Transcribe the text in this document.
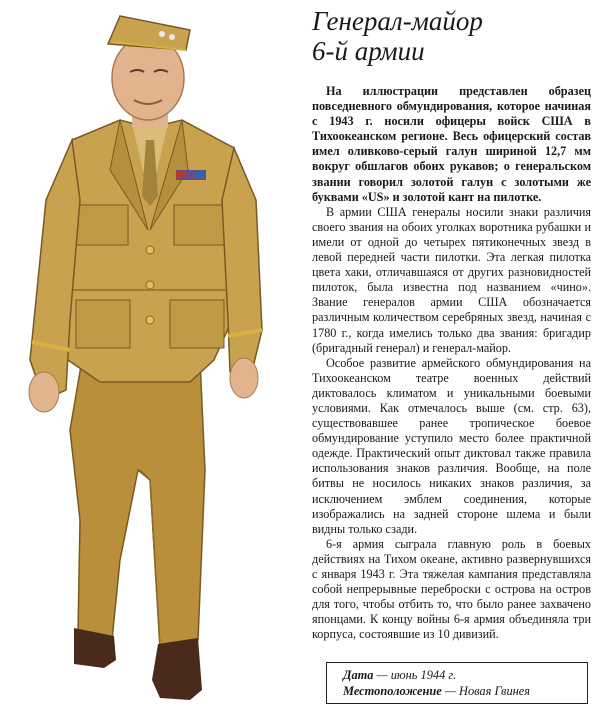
Генерал-майор
6-й армии

На иллюстрации представлен образец повседневного обмундирования, которое начиная с 1943 г. носили офицеры войск США в Тихоокеанском регионе. Весь офицерский состав имел оливково-серый галун шириной 12,7 мм вокруг обшлагов обоих рукавов; о генеральском звании говорил золотой галун с золотыми же буквами «US» и золотой кант на пилотке.

В армии США генералы носили знаки различия своего звания на обоих уголках воротника рубашки и имели от одной до четырех пятиконечных звезд в левой передней части пилотки. Эта легкая пилотка цвета хаки, отличавшаяся от других разновидностей пилоток, была известна под названием «чино». Звание генералов армии США обозначается различным количеством серебряных звезд, начиная с 1780 г., когда имелись только два звания: бригадир (бригадный генерал) и генерал-майор.

Особое развитие армейского обмундирования на Тихоокеанском театре военных действий диктовалось климатом и уникальными боевыми условиями. Как отмечалось выше (см. стр. 63), существовавшее ранее тропическое боевое обмундирование уступило место более практичной одежде. Практический опыт диктовал также правила использования знаков различия. Вообще, на поле битвы не носилось никаких знаков различия, за исключением эмблем соединения, которые изображались на задней стороне шлема и были видны только сзади.

6-я армия сыграла главную роль в боевых действиях на Тихом океане, активно развернувшихся с января 1943 г. Эта тяжелая кампания представляла собой непрерывные переброски с острова на остров для того, чтобы отбить то, что было ранее захвачено японцами. К концу войны 6-я армия объединяла три корпуса, состоявшие из 10 дивизий.

Дата — июнь 1944 г.
Местоположение — Новая Гвинея
